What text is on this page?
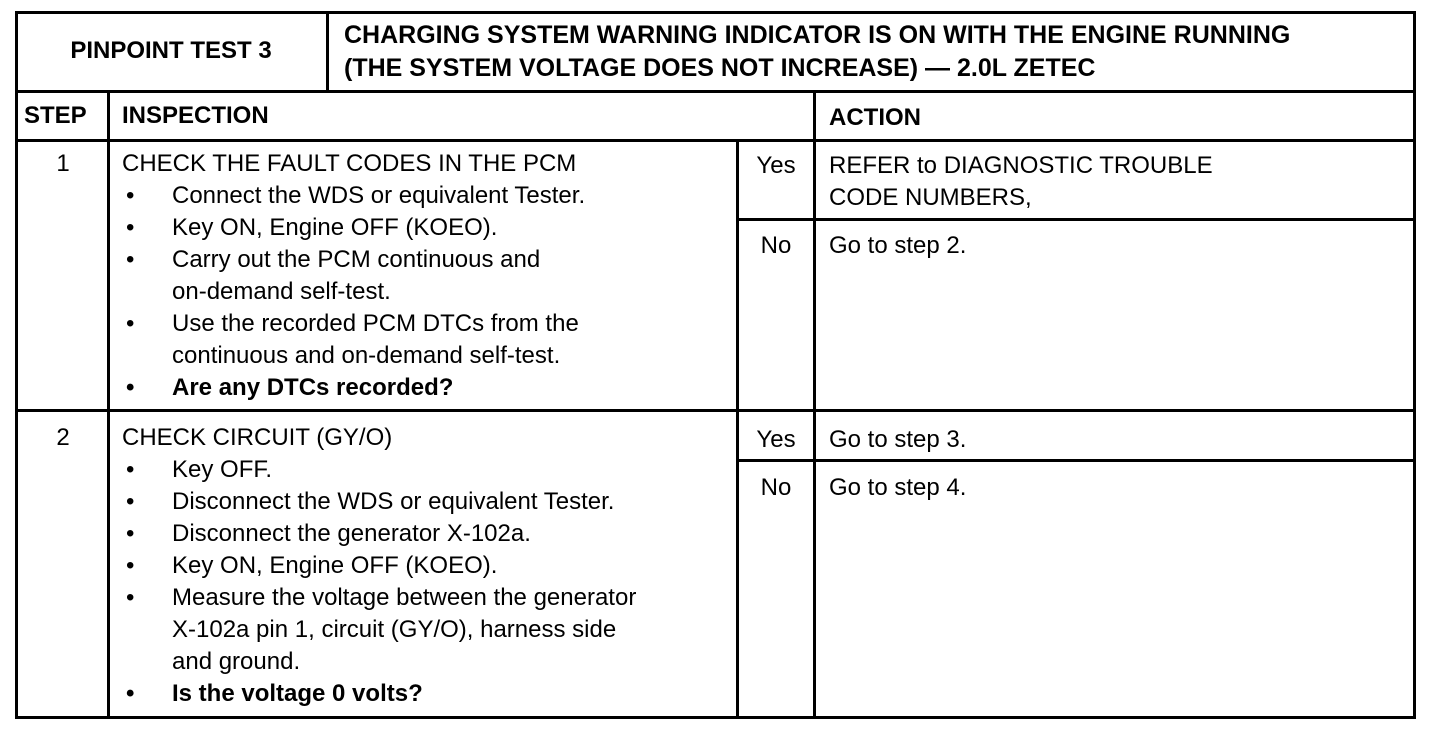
PINPOINT TEST 3
CHARGING SYSTEM WARNING INDICATOR IS ON WITH THE ENGINE RUNNING
(THE SYSTEM VOLTAGE DOES NOT INCREASE) — 2.0L ZETEC
STEP INSPECTION	ACTION
1	CHECK THE FAULT CODES IN THE PCM
• Connect the WDS or equivalent Tester.
• Key ON, Engine OFF (KOEO).
• Carry out the PCM continuous and
on-demand self-test.
• Use the recorded PCM DTCs from the
continuous and on-demand self-test.
• Are any DTCs recorded?
Yes	REFER to DIAGNOSTIC TROUBLE
CODE NUMBERS,
No	Go to step 2.
2	CHECK CIRCUIT (GY/O)
• Key OFF.
• Disconnect the WDS or equivalent Tester.
• Disconnect the generator X-102a.
• Key ON, Engine OFF (KOEO).
• Measure the voltage between the generator
X-102a pin 1, circuit (GY/O), harness side
and ground.
• Is the voltage 0 volts?
Yes	Go to step 3.
No	Go to step 4.
